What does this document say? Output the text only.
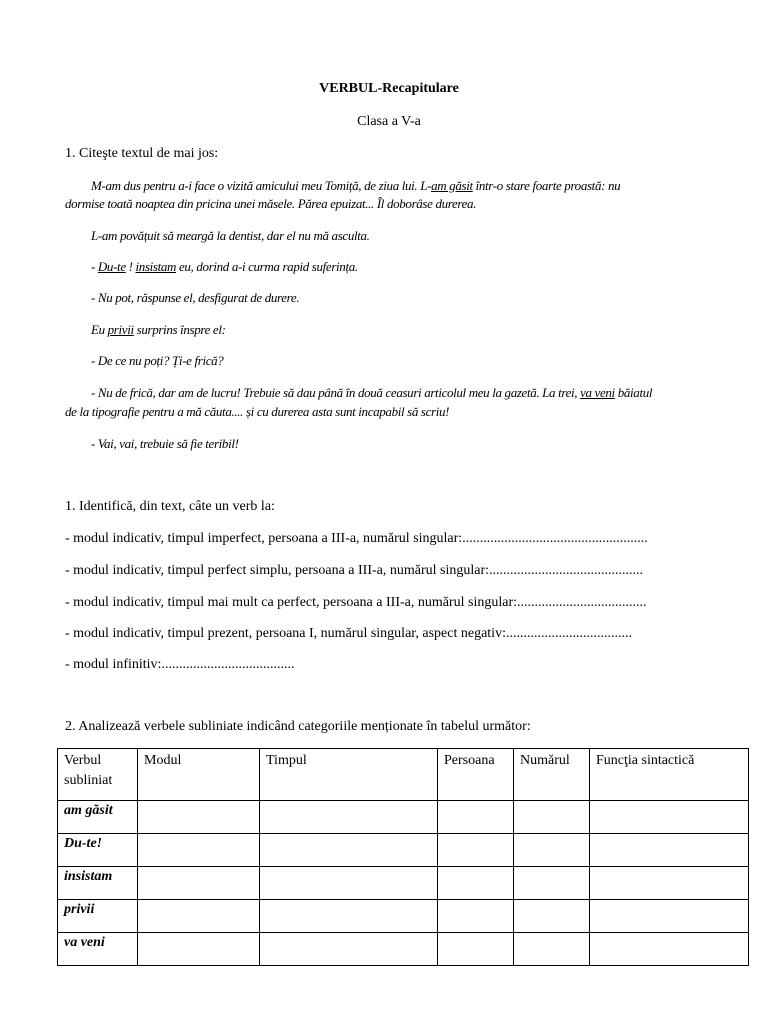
VERBUL-Recapitulare
Clasa a V-a
1. Citeşte textul de mai jos:
M-am dus pentru a-i face o vizită amicului meu Tomiță, de ziua lui. L-am găsit într-o stare foarte proastă: nu
dormise toată noaptea din pricina unei măsele. Părea epuizat... Îl doborâse durerea.
L-am povățuit să meargă la dentist, dar el nu mă asculta.
- Du-te ! insistam eu, dorind a-i curma rapid suferința.
- Nu pot, răspunse el, desfigurat de durere.
Eu privii surprins înspre el:
- De ce nu poți? Ți-e frică?
- Nu de frică, dar am de lucru! Trebuie să dau până în două ceasuri articolul meu la gazetă. La trei, va veni băiatul
de la tipografie pentru a mă căuta.... și cu durerea asta sunt incapabil să scriu!
- Vai, vai, trebuie să fie teribil!
1. Identifică, din text, câte un verb la:
- modul indicativ, timpul imperfect, persoana a III-a, numărul singular:.....................................................
- modul indicativ, timpul perfect simplu, persoana a III-a, numărul singular:............................................
- modul indicativ, timpul mai mult ca perfect, persoana a III-a, numărul singular:.....................................
- modul indicativ, timpul prezent, persoana I, numărul singular, aspect negativ:....................................
- modul infinitiv:......................................
2. Analizează verbele subliniate indicând categoriile menționate în tabelul următor:
Verbul subliniat	Modul	Timpul	Persoana	Numărul	Funcţia sintactică
am găsit					
Du-te!					
insistam					
privii					
va veni					
